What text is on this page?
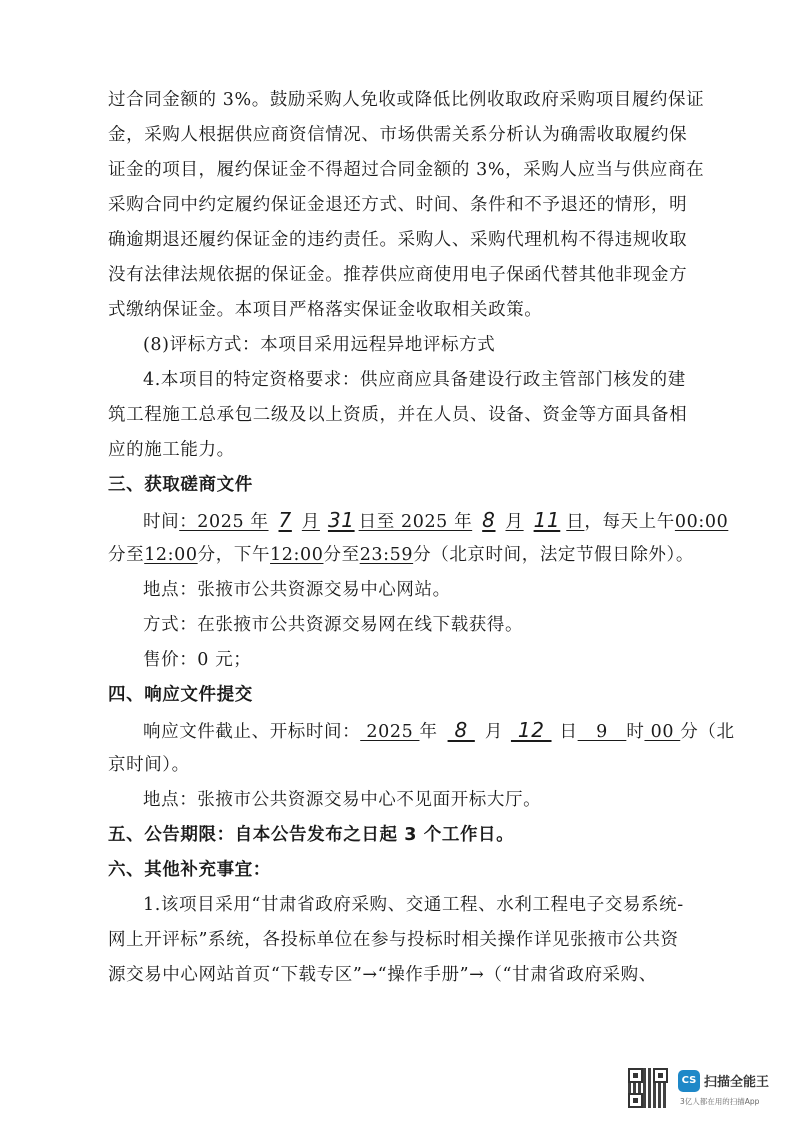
过合同金额的 3%。鼓励采购人免收或降低比例收取政府采购项目履约保证
金，采购人根据供应商资信情况、市场供需关系分析认为确需收取履约保
证金的项目，履约保证金不得超过合同金额的 3%，采购人应当与供应商在
采购合同中约定履约保证金退还方式、时间、条件和不予退还的情形，明
确逾期退还履约保证金的违约责任。采购人、采购代理机构不得违规收取
没有法律法规依据的保证金。推荐供应商使用电子保函代替其他非现金方
式缴纳保证金。本项目严格落实保证金收取相关政策。
(8)评标方式：本项目采用远程异地评标方式
4.本项目的特定资格要求：供应商应具备建设行政主管部门核发的建
筑工程施工总承包二级及以上资质，并在人员、设备、资金等方面具备相
应的施工能力。
三、获取磋商文件
时间：2025 年 7 月 31 日至 2025 年 8 月 11 日，每天上午00:00
分至12:00分，下午12:00分至23:59分（北京时间，法定节假日除外）。
地点：张掖市公共资源交易中心网站。
方式：在张掖市公共资源交易网在线下载获得。
售价：0 元；
四、响应文件提交
响应文件截止、开标时间： 2025 年 8 月 12 日   9   时 00 分（北
京时间）。
地点：张掖市公共资源交易中心不见面开标大厅。
五、公告期限：自本公告发布之日起 3 个工作日。
六、其他补充事宜：
1.该项目采用“甘肃省政府采购、交通工程、水利工程电子交易系统-
网上开评标”系统，各投标单位在参与投标时相关操作详见张掖市公共资
源交易中心网站首页“下载专区”→“操作手册”→（“甘肃省政府采购、
CS 扫描全能王
3亿人都在用的扫描App
